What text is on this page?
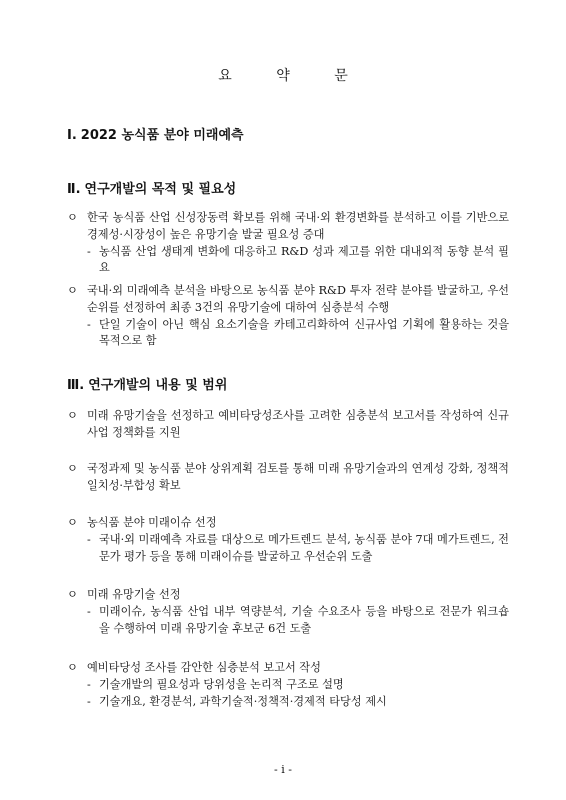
요 약 문
Ⅰ. 2022 농식품 분야 미래예측
Ⅱ. 연구개발의 목적 및 필요성
ㅇ 한국 농식품 산업 신성장동력 확보를 위해 국내·외 환경변화를 분석하고 이를 기반으로 경제성·시장성이 높은 유망기술 발굴 필요성 증대
- 농식품 산업 생태계 변화에 대응하고 R&D 성과 제고를 위한 대내외적 동향 분석 필요
ㅇ 국내·외 미래예측 분석을 바탕으로 농식품 분야 R&D 투자 전략 분야를 발굴하고, 우선순위를 선정하여 최종 3건의 유망기술에 대하여 심층분석 수행
- 단일 기술이 아닌 핵심 요소기술을 카테고리화하여 신규사업 기획에 활용하는 것을 목적으로 함
Ⅲ. 연구개발의 내용 및 범위
ㅇ 미래 유망기술을 선정하고 예비타당성조사를 고려한 심층분석 보고서를 작성하여 신규사업 정책화를 지원
ㅇ 국정과제 및 농식품 분야 상위계획 검토를 통해 미래 유망기술과의 연계성 강화, 정책적 일치성·부합성 확보
ㅇ 농식품 분야 미래이슈 선정
- 국내·외 미래예측 자료를 대상으로 메가트렌드 분석, 농식품 분야 7대 메가트렌드, 전문가 평가 등을 통해 미래이슈를 발굴하고 우선순위 도출
ㅇ 미래 유망기술 선정
- 미래이슈, 농식품 산업 내부 역량분석, 기술 수요조사 등을 바탕으로 전문가 워크숍을 수행하여 미래 유망기술 후보군 6건 도출
ㅇ 예비타당성 조사를 감안한 심층분석 보고서 작성
- 기술개발의 필요성과 당위성을 논리적 구조로 설명
- 기술개요, 환경분석, 과학기술적·정책적·경제적 타당성 제시
- i -
